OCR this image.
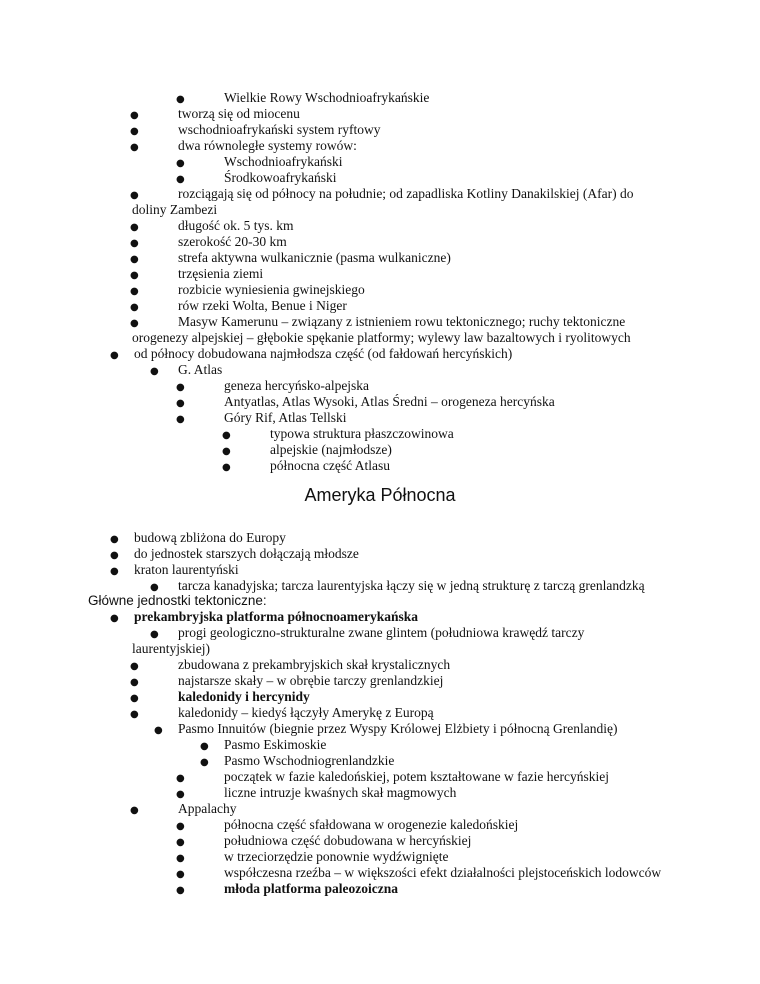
●	Wielkie Rowy Wschodnioafrykańskie
●	tworzą się od miocenu
●	wschodnioafrykański system ryftowy
●	dwa równoległe systemy rowów:
●	Wschodnioafrykański
●	Środkowoafrykański
●	rozciągają się od północy na południe; od zapadliska Kotliny Danakilskiej (Afar) do
doliny Zambezi
●	długość ok. 5 tys. km
●	szerokość 20-30 km
●	strefa aktywna wulkanicznie (pasma wulkaniczne)
●	trzęsienia ziemi
●	rozbicie wyniesienia gwinejskiego
●	rów rzeki Wolta, Benue i Niger
●	Masyw Kamerunu – związany z istnieniem rowu tektonicznego; ruchy tektoniczne
orogenezy alpejskiej – głębokie spękanie platformy; wylewy law bazaltowych i ryolitowych
● od północy dobudowana najmłodsza część (od fałdowań hercyńskich)
● G. Atlas
●	geneza hercyńsko-alpejska
●	Antyatlas, Atlas Wysoki, Atlas Średni – orogeneza hercyńska
●	Góry Rif, Atlas Tellski
●	typowa struktura płaszczowinowa
●	alpejskie (najmłodsze)
●	północna część Atlasu
Ameryka Północna
● budową zbliżona do Europy
● do jednostek starszych dołączają młodsze
● kraton laurentyński
● tarcza kanadyjska; tarcza laurentyjska łączy się w jedną strukturę z tarczą grenlandzką
Główne jednostki tektoniczne:
● prekambryjska platforma północnoamerykańska
● progi geologiczno-strukturalne zwane glintem (południowa krawędź tarczy
laurentyjskiej)
●	zbudowana z prekambryjskich skał krystalicznych
●	najstarsze skały – w obrębie tarczy grenlandzkiej
●	kaledonidy i hercynidy
●	kaledonidy – kiedyś łączyły Amerykę z Europą
● Pasmo Innuitów (biegnie przez Wyspy Królowej Elżbiety i północną Grenlandię)
● Pasmo Eskimoskie
● Pasmo Wschodniogrenlandzkie
●	początek w fazie kaledońskiej, potem kształtowane w fazie hercyńskiej
●	liczne intruzje kwaśnych skał magmowych
●	Appalachy
●	północna część sfałdowana w orogenezie kaledońskiej
●	południowa część dobudowana w hercyńskiej
●	w trzeciorzędzie ponownie wydźwignięte
●	współczesna rzeźba – w większości efekt działalności plejstoceńskich lodowców
●	młoda platforma paleozoiczna
